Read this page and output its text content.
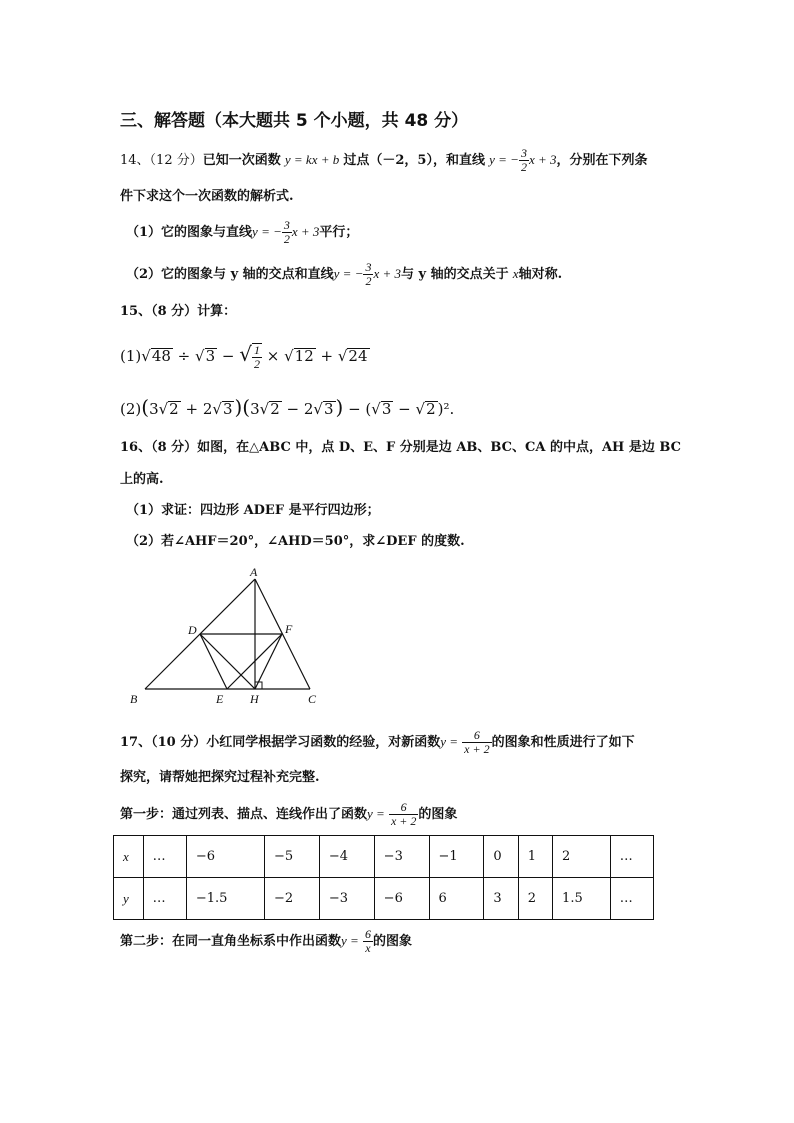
三、解答题（本大题共 5 个小题，共 48 分）
14、（12 分）已知一次函数 y = kx + b 过点（－2，5），和直线 y = − $\frac{3}{2}$ x + 3，分别在下列条
件下求这个一次函数的解析式.
（1）它的图象与直线y = − $\frac{3}{2}$ x + 3平行；
（2）它的图象与 y 轴的交点和直线y = − $\frac{3}{2}$ x + 3与 y 轴的交点关于 x轴对称.
15、（8 分）计算：
(1)√48 ÷ √3 − √ $\frac{1}{2} \times √12 + √24$
(2)(3√2 + 2√3 )(3√2 − 2√3 ) − (√3 − √2 )².
16、（8 分）如图，在△ABC 中，点 D、E、F 分别是边 AB、BC、CA 的中点，AH 是边 BC
上的高.
（1）求证：四边形 ADEF 是平行四边形；
（2）若∠AHF＝20°，∠AHD＝50°，求∠DEF 的度数.
A
B	C
D
E
F
H
17、（10 分）小红同学根据学习函数的经验，对新函数$y = \frac{6}{x + 2}$ 的图象和性质进行了如下
探究，请帮她把探究过程补充完整.
第一步：通过列表、描点、连线作出了函数$y = \frac{6}{x + 2}$ 的图象
x	…	−6	−5	−4	−3	−1	0	1	2	…
y	…	−1.5	−2	−3	−6	6	3	2	1.5	…
第二步：在同一直角坐标系中作出函数$y = \frac{6}{x}$ 的图象
